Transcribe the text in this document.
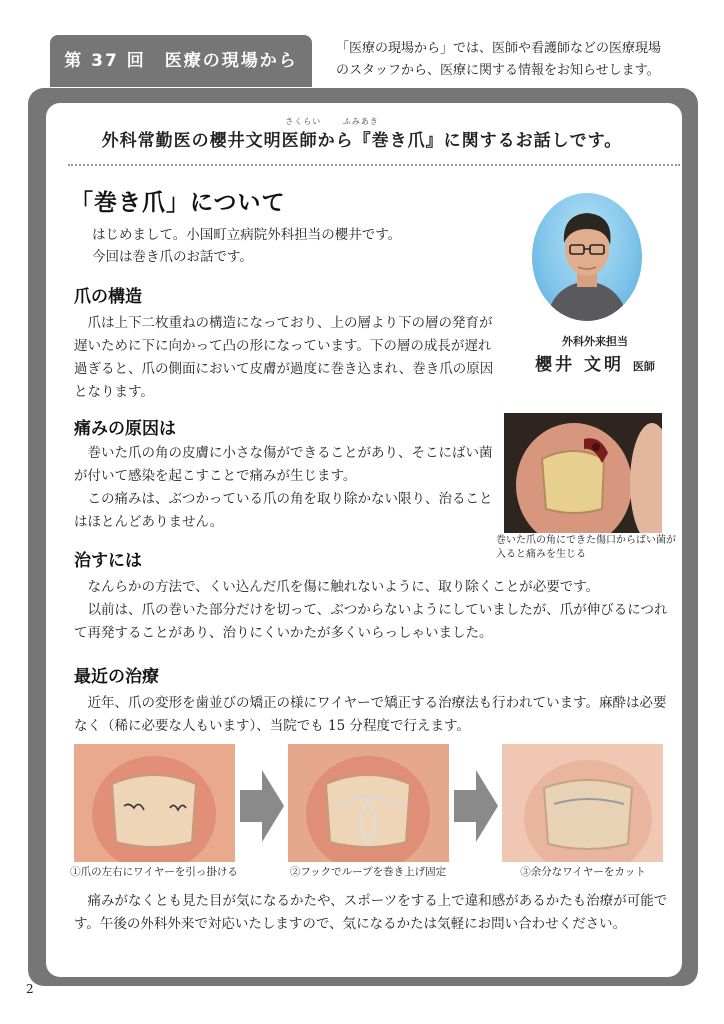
第 37 回　医療の現場から
「医療の現場から」では、医師や看護師などの医療現場
のスタッフから、医療に関する情報をお知らせします。
さくらい	ふみあき
外科常勤医の櫻井文明医師から『巻き爪』に関するお話しです。
「巻き爪」について

はじめまして。小国町立病院外科担当の櫻井です。

今回は巻き爪のお話です。

爪の構造

爪は上下二枚重ねの構造になっており、上の層より下の層の発育が遅いために下に向かって凸の形になっています。下の層の成長が遅れ過ぎると、爪の側面において皮膚が過度に巻き込まれ、巻き爪の原因となります。

痛みの原因は

巻いた爪の角の皮膚に小さな傷ができることがあり、そこにばい菌が付いて感染を起こすことで痛みが生じます。

この痛みは、ぶつかっている爪の角を取り除かない限り、治ることはほとんどありません。

治すには

なんらかの方法で、くい込んだ爪を傷に触れないように、取り除くことが必要です。

以前は、爪の巻いた部分だけを切って、ぶつからないようにしていましたが、爪が伸びるにつれて再発することがあり、治りにくいかたが多くいらっしゃいました。

最近の治療

近年、爪の変形を歯並びの矯正の様にワイヤーで矯正する治療法も行われています。麻酔は必要なく（稀に必要な人もいます）、当院でも 15 分程度で行えます。

外科外来担当
櫻井 文明 医師
巻いた爪の角にできた傷口からばい菌が入ると痛みを生じる
①爪の左右にワイヤーを引っ掛ける	②フックでループを巻き上げ固定	③余分なワイヤーをカット

痛みがなくとも見た目が気になるかたや、スポーツをする上で違和感があるかたも治療が可能です。午後の外科外来で対応いたしますので、気になるかたは気軽にお問い合わせください。

2
